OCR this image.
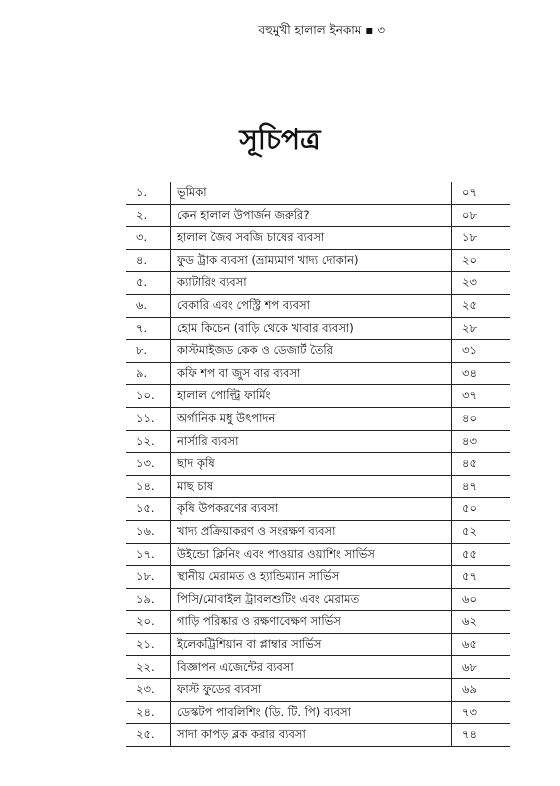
বহুমুখী হালাল ইনকাম ▪ ৩
সূচিপত্র
১.	ভূমিকা	০৭
২.	কেন হালাল উপার্জন জরুরি?	০৮
৩.	হালাল জৈব সবজি চাষের ব্যবসা	১৮
৪.	ফুড ট্রাক ব্যবসা (ভ্রাম্যমাণ খাদ্য দোকান)	২০
৫.	ক্যাটারিং ব্যবসা	২৩
৬.	বেকারি এবং পেস্ট্রি শপ ব্যবসা	২৫
৭.	হোম কিচেন (বাড়ি থেকে খাবার ব্যবসা)	২৮
৮.	কাস্টমাইজড কেক ও ডেজার্ট তৈরি	৩১
৯.	কফি শপ বা জুস বার ব্যবসা	৩৪
১০.	হালাল পোল্ট্রি ফার্মিং	৩৭
১১.	অর্গানিক মধু উৎপাদন	৪০
১২.	নার্সারি ব্যবসা	৪৩
১৩.	ছাদ কৃষি	৪৫
১৪.	মাছ চাষ	৪৭
১৫.	কৃষি উপকরণের ব্যবসা	৫০
১৬.	খাদ্য প্রক্রিয়াকরণ ও সংরক্ষণ ব্যবসা	৫২
১৭.	উইন্ডো ক্লিনিং এবং পাওয়ার ওয়াশিং সার্ভিস	৫৫
১৮.	স্থানীয় মেরামত ও হ্যান্ডিম্যান সার্ভিস	৫৭
১৯.	পিসি/মোবাইল ট্রাবলশুটিং এবং মেরামত	৬০
২০.	গাড়ি পরিষ্কার ও রক্ষণাবেক্ষণ সার্ভিস	৬২
২১.	ইলেকট্রিশিয়ান বা প্লাম্বার সার্ভিস	৬৫
২২.	বিজ্ঞাপন এজেন্টের ব্যবসা	৬৮
২৩.	ফাস্ট ফুডের ব্যবসা	৬৯
২৪.	ডেস্কটপ পাবলিশিং (ডি. টি. পি) ব্যবসা	৭৩
২৫.	সাদা কাপড় ব্লক করার ব্যবসা	৭৪
